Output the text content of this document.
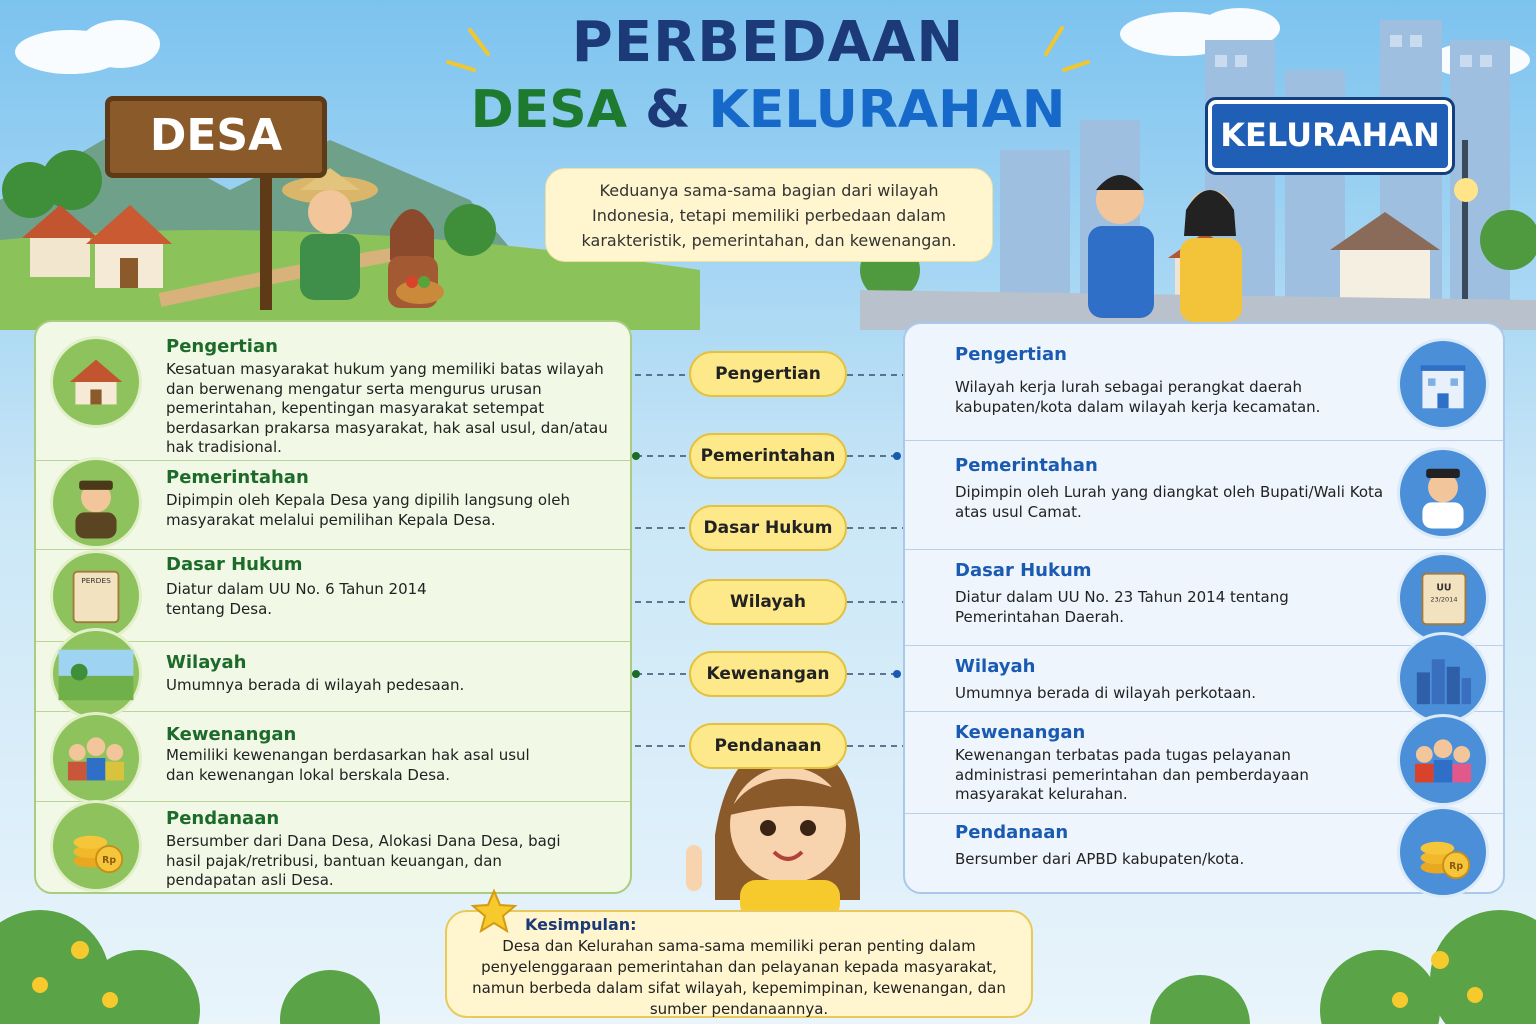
DESA	KELURAHAN
PERBEDAAN
DESA & KELURAHAN
Keduanya sama-sama bagian dari wilayah Indonesia, tetapi memiliki perbedaan dalam karakteristik, pemerintahan, dan kewenangan.
Pengertian
Kesatuan masyarakat hukum yang memiliki batas wilayah dan berwenang mengatur serta mengurus urusan pemerintahan, kepentingan masyarakat setempat berdasarkan prakarsa masyarakat, hak asal usul, dan/atau hak tradisional.
Pemerintahan
Dipimpin oleh Kepala Desa yang dipilih langsung oleh masyarakat melalui pemilihan Kepala Desa.
PERDES
Dasar Hukum
Diatur dalam UU No. 6 Tahun 2014 tentang Desa.
Wilayah
Umumnya berada di wilayah pedesaan.
Kewenangan
Memiliki kewenangan berdasarkan hak asal usul dan kewenangan lokal berskala Desa.
Rp
Pendanaan
Bersumber dari Dana Desa, Alokasi Dana Desa, bagi hasil pajak/retribusi, bantuan keuangan, dan pendapatan asli Desa.
Pengertian
Pemerintahan
Dasar Hukum
Wilayah
Kewenangan
Pendanaan
Pengertian
Wilayah kerja lurah sebagai perangkat daerah kabupaten/kota dalam wilayah kerja kecamatan.
Pemerintahan
Dipimpin oleh Lurah yang diangkat oleh Bupati/Wali Kota atas usul Camat.
UU
23/2014
Dasar Hukum
Diatur dalam UU No. 23 Tahun 2014 tentang Pemerintahan Daerah.
Wilayah
Umumnya berada di wilayah perkotaan.
Kewenangan
Kewenangan terbatas pada tugas pelayanan administrasi pemerintahan dan pemberdayaan masyarakat kelurahan.
Rp
Pendanaan
Bersumber dari APBD kabupaten/kota.
Kesimpulan:
Desa dan Kelurahan sama-sama memiliki peran penting dalam penyelenggaraan pemerintahan dan pelayanan kepada masyarakat, namun berbeda dalam sifat wilayah, kepemimpinan, kewenangan, dan sumber pendanaannya.
